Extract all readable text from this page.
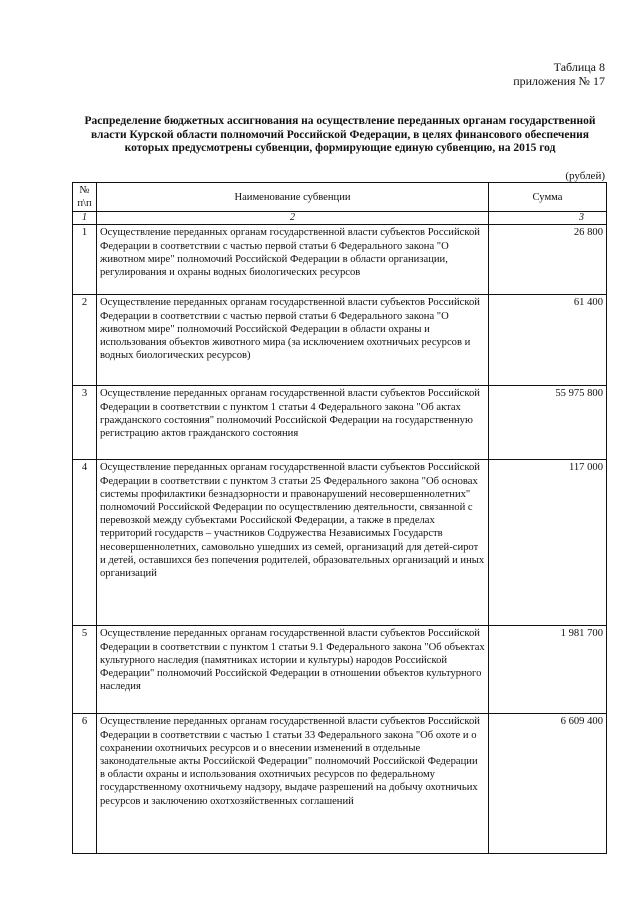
Таблица 8
приложения № 17
Распределение бюджетных ассигнования на осуществление переданных органам государственной власти Курской области полномочий Российской Федерации, в целях финансового обеспечения которых предусмотрены субвенции, формирующие единую субвенцию, на 2015 год
(рублей)
№ п\п	Наименование субвенции	Сумма
1	2	3
1	Осуществление переданных органам государственной власти субъектов Российской Федерации в соответствии с частью первой статьи 6 Федерального закона "О животном мире" полномочий Российской Федерации в области организации, регулирования и охраны водных биологических ресурсов	26 800
2	Осуществление переданных органам государственной власти субъектов Российской Федерации в соответствии с частью первой статьи 6 Федерального закона "О животном мире" полномочий Российской Федерации в области охраны и использования объектов животного мира (за исключением охотничьих ресурсов и водных биологических ресурсов)	61 400
3	Осуществление переданных органам государственной власти субъектов Российской Федерации в соответствии с пунктом 1 статьи 4 Федерального закона "Об актах гражданского состояния" полномочий Российской Федерации на государственную регистрацию актов гражданского состояния	55 975 800
4	Осуществление переданных органам государственной власти субъектов Российской Федерации в соответствии с пунктом 3 статьи 25 Федерального закона "Об основах системы профилактики безнадзорности и правонарушений несовершеннолетних" полномочий Российской Федерации по осуществлению деятельности, связанной с перевозкой между субъектами Российской Федерации, а также в пределах территорий государств – участников Содружества Независимых Государств несовершеннолетних, самовольно ушедших из семей, организаций для детей-сирот и детей, оставшихся без попечения родителей, образовательных организаций и иных организаций	117 000
5	Осуществление переданных органам государственной власти субъектов Российской Федерации в соответствии с пунктом 1 статьи 9.1 Федерального закона "Об объектах культурного наследия (памятниках истории и культуры) народов Российской Федерации" полномочий Российской Федерации в отношении объектов культурного наследия	1 981 700
6	Осуществление переданных органам государственной власти субъектов Российской Федерации в соответствии с частью 1 статьи 33 Федерального закона "Об охоте и о сохранении охотничьих ресурсов и о внесении изменений в отдельные законодательные акты Российской Федерации" полномочий Российской Федерации в области охраны и использования охотничьих ресурсов по федеральному государственному охотничьему надзору, выдаче разрешений на добычу охотничьих ресурсов и заключению охотхозяйственных соглашений	6 609 400
